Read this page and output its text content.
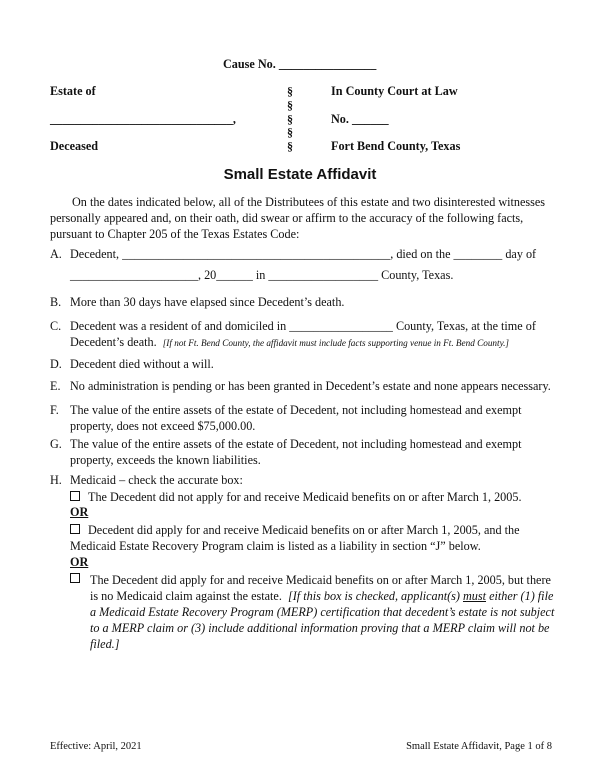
Cause No. ________________
Estate of
______________________________,
Deceased
§
§
§
§
§
In County Court at Law
No. ______
Fort Bend County, Texas
Small Estate Affidavit
On the dates indicated below, all of the Distributees of this estate and two disinterested witnesses personally appeared and, on their oath, did swear or affirm to the accuracy of the following facts, pursuant to Chapter 205 of the Texas Estates Code:
A. Decedent, ____________________________________________, died on the ________ day of
_____________________, 20______ in __________________ County, Texas.
B. More than 30 days have elapsed since Decedent’s death.
C. Decedent was a resident of and domiciled in _________________ County, Texas, at the time of
Decedent’s death. [If not Ft. Bend County, the affidavit must include facts supporting venue in Ft. Bend County.]
D. Decedent died without a will.
E. No administration is pending or has been granted in Decedent’s estate and none appears necessary.
F. The value of the entire assets of the estate of Decedent, not including homestead and exempt property, does not exceed $75,000.00.
G. The value of the entire assets of the estate of Decedent, not including homestead and exempt property, exceeds the known liabilities.
H. Medicaid – check the accurate box:
The Decedent did not apply for and receive Medicaid benefits on or after March 1, 2005.
OR
Decedent did apply for and receive Medicaid benefits on or after March 1, 2005, and the Medicaid Estate Recovery Program claim is listed as a liability in section “J” below.
OR
The Decedent did apply for and receive Medicaid benefits on or after March 1, 2005, but there is no Medicaid claim against the estate. [If this box is checked, applicant(s) must either (1) file a Medicaid Estate Recovery Program (MERP) certification that decedent’s estate is not subject to a MERP claim or (3) include additional information proving that a MERP claim will not be filed.]
Effective: April, 2021	Small Estate Affidavit, Page 1 of 8
